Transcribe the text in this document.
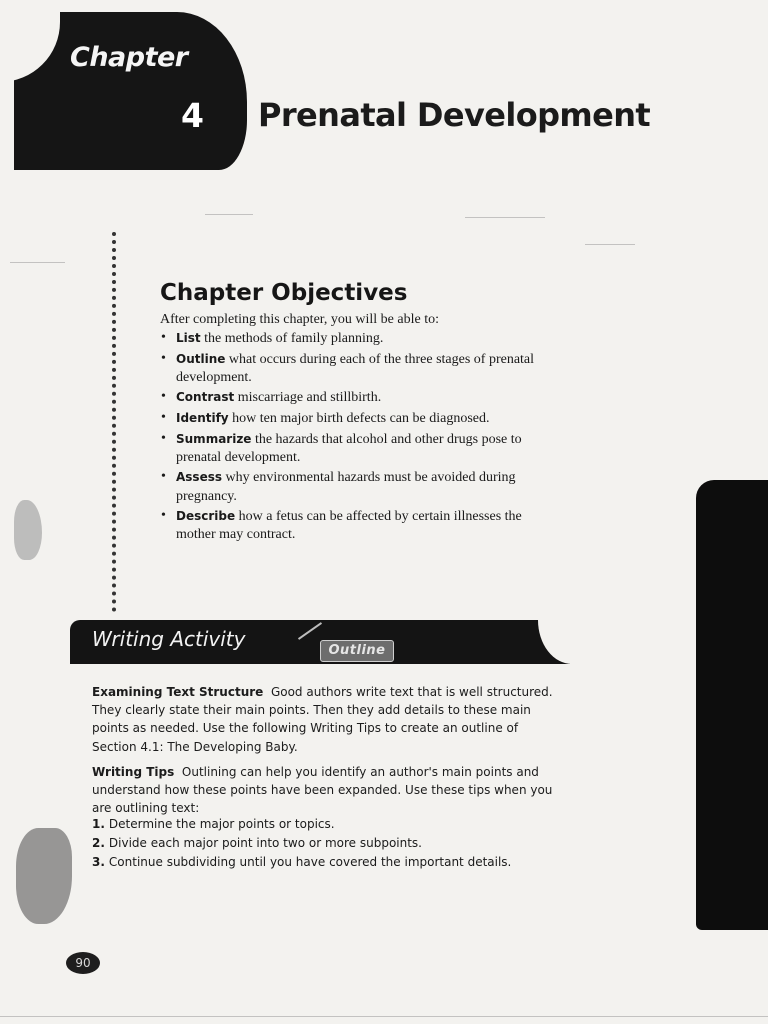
Chapter
4 Prenatal Development
Chapter Objectives
After completing this chapter, you will be able to:
• List the methods of family planning.
• Outline what occurs during each of the three stages of prenatal development.
• Contrast miscarriage and stillbirth.
• Identify how ten major birth defects can be diagnosed.
• Summarize the hazards that alcohol and other drugs pose to prenatal development.
• Assess why environmental hazards must be avoided during pregnancy.
• Describe how a fetus can be affected by certain illnesses the mother may contract.
Writing Activity	Outline
Examining Text Structure Good authors write text that is well structured. They clearly state their main points. Then they add details to these main points as needed. Use the following Writing Tips to create an outline of Section 4.1: The Developing Baby.
Writing Tips Outlining can help you identify an author's main points and understand how these points have been expanded. Use these tips when you are outlining text:
1. Determine the major points or topics.
2. Divide each major point into two or more subpoints.
3. Continue subdividing until you have covered the important details.
90
